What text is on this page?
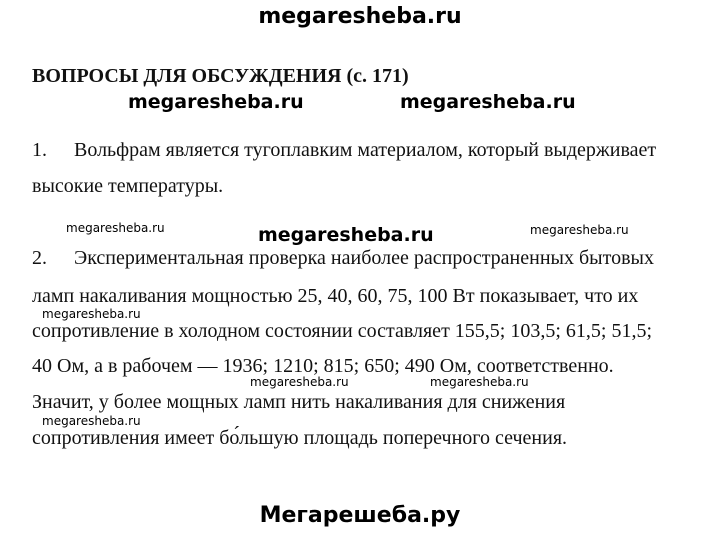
megaresheba.ru
ВОПРОСЫ ДЛЯ ОБСУЖДЕНИЯ (с. 171)
1. Вольфрам является тугоплавким материалом, который выдерживает
высокие температуры.
2. Экспериментальная проверка наиболее распространенных бытовых
ламп накаливания мощностью 25, 40, 60, 75, 100 Вт показывает, что их
сопротивление в холодном состоянии составляет 155,5; 103,5; 61,5; 51,5;
40 Ом, а в рабочем — 1936; 1210; 815; 650; 490 Ом, соответственно.
Значит, у более мощных ламп нить накаливания для снижения
сопротивления имеет бо́льшую площадь поперечного сечения.
megaresheba.ru	megaresheba.ru
megaresheba.ru	megaresheba.ru	megaresheba.ru
megaresheba.ru
megaresheba.ru	megaresheba.ru
megaresheba.ru
Мегарешеба.ру
